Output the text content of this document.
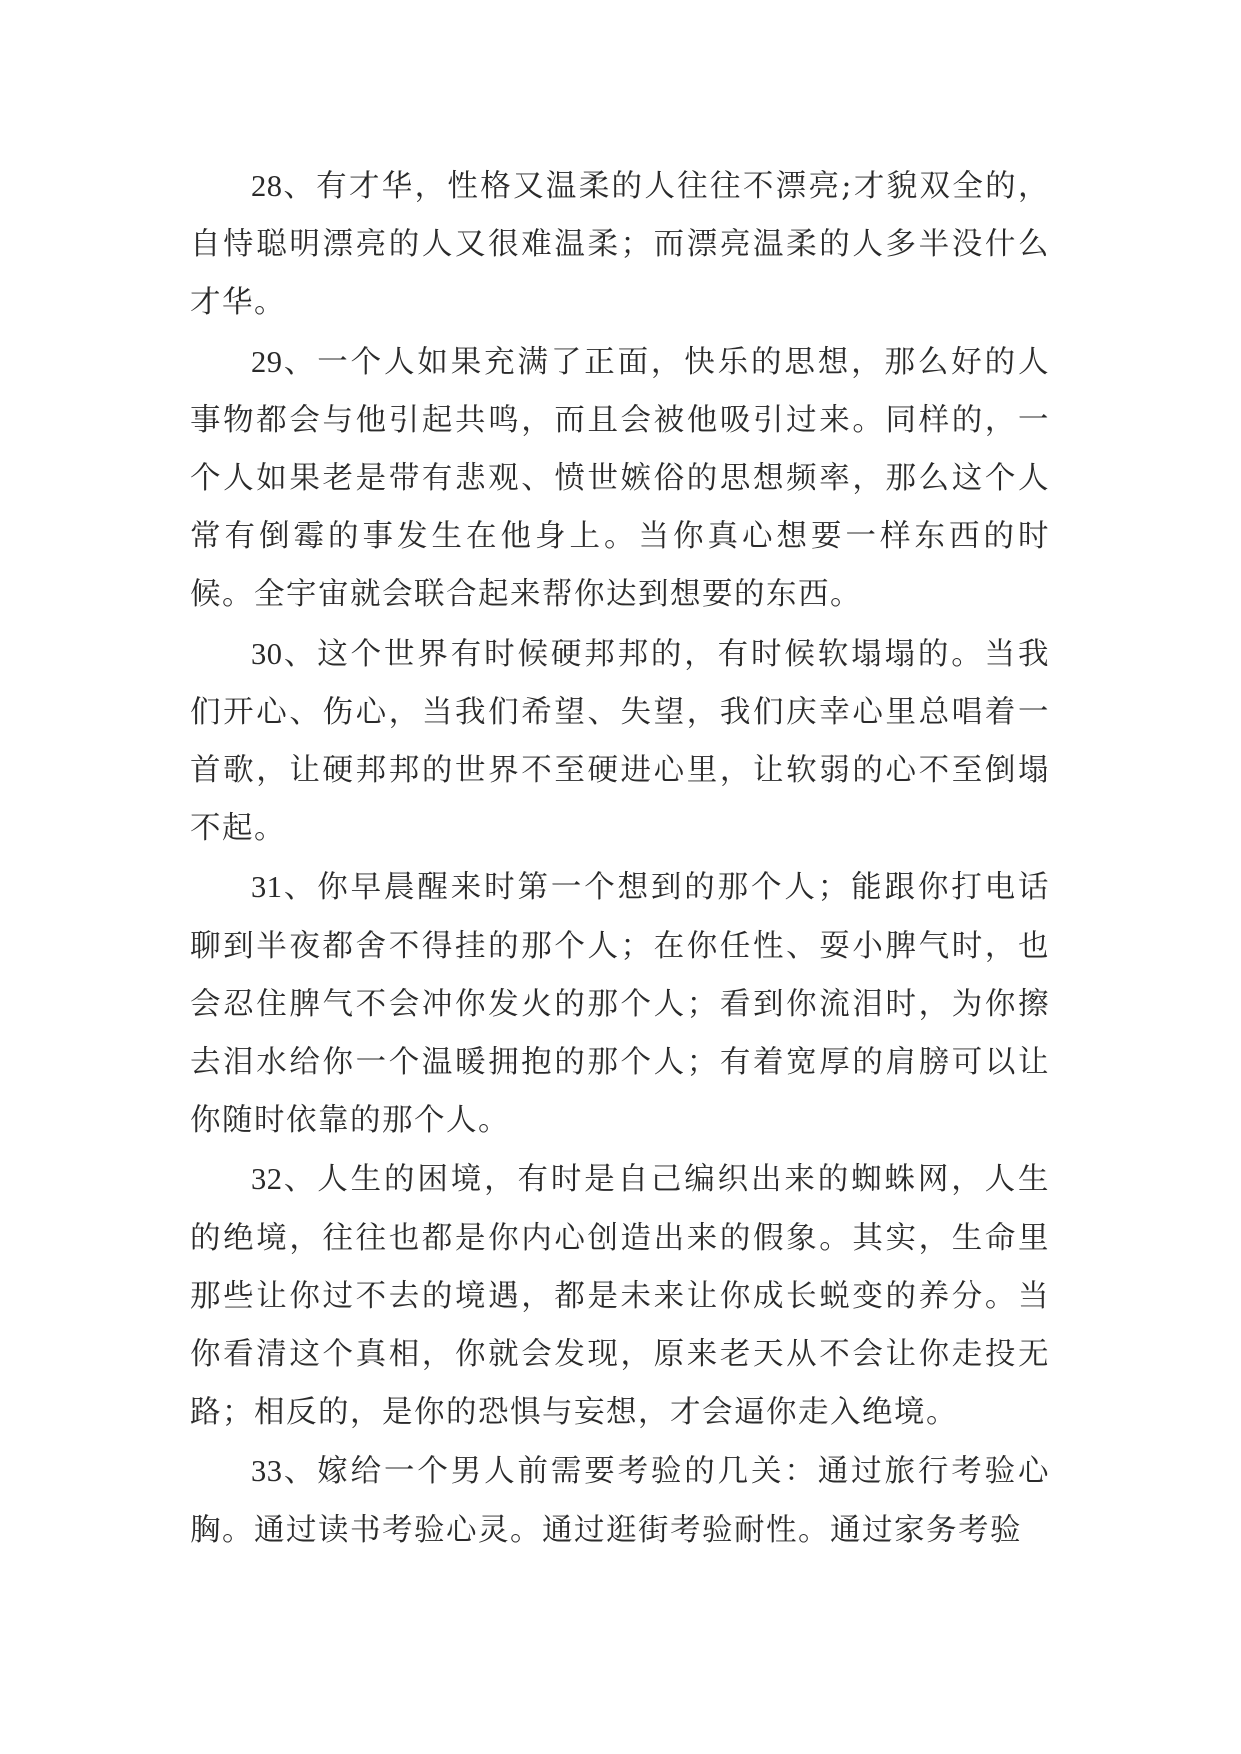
28、有才华，性格又温柔的人往往不漂亮;才貌双全的，自恃聪明漂亮的人又很难温柔；而漂亮温柔的人多半没什么才华。

29、一个人如果充满了正面，快乐的思想，那么好的人事物都会与他引起共鸣，而且会被他吸引过来。同样的，一个人如果老是带有悲观、愤世嫉俗的思想频率，那么这个人常有倒霉的事发生在他身上。当你真心想要一样东西的时候。全宇宙就会联合起来帮你达到想要的东西。

30、这个世界有时候硬邦邦的，有时候软塌塌的。当我们开心、伤心，当我们希望、失望，我们庆幸心里总唱着一首歌，让硬邦邦的世界不至硬进心里，让软弱的心不至倒塌不起。

31、你早晨醒来时第一个想到的那个人；能跟你打电话聊到半夜都舍不得挂的那个人；在你任性、耍小脾气时，也会忍住脾气不会冲你发火的那个人；看到你流泪时，为你擦去泪水给你一个温暖拥抱的那个人；有着宽厚的肩膀可以让你随时依靠的那个人。

32、人生的困境，有时是自己编织出来的蜘蛛网，人生的绝境，往往也都是你内心创造出来的假象。其实，生命里那些让你过不去的境遇，都是未来让你成长蜕变的养分。当你看清这个真相，你就会发现，原来老天从不会让你走投无路；相反的，是你的恐惧与妄想，才会逼你走入绝境。

33、嫁给一个男人前需要考验的几关：通过旅行考验心胸。通过读书考验心灵。通过逛街考验耐性。通过家务考验
